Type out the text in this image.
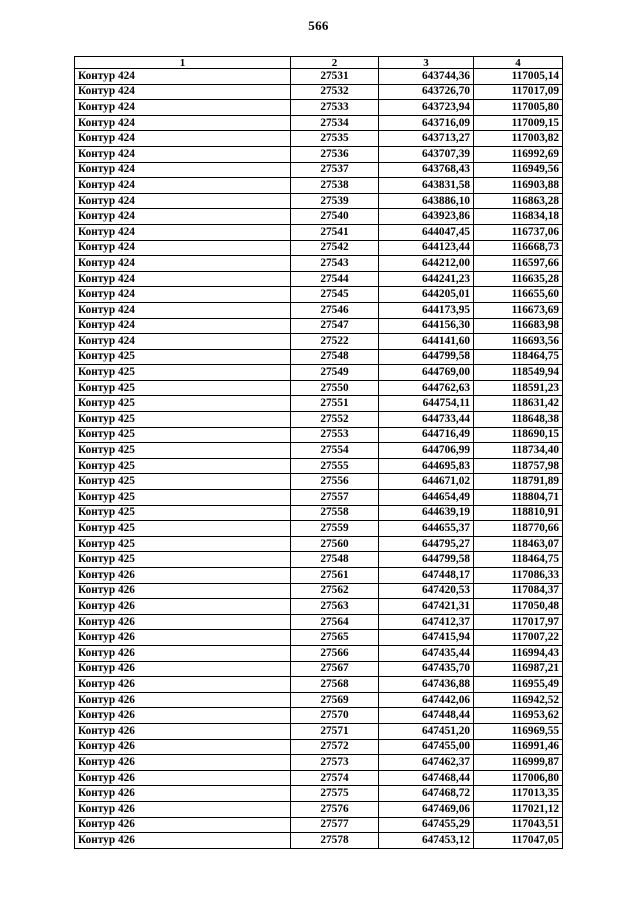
566
1	2	3	4
Контур 424	27531	643744,36	117005,14
Контур 424	27532	643726,70	117017,09
Контур 424	27533	643723,94	117005,80
Контур 424	27534	643716,09	117009,15
Контур 424	27535	643713,27	117003,82
Контур 424	27536	643707,39	116992,69
Контур 424	27537	643768,43	116949,56
Контур 424	27538	643831,58	116903,88
Контур 424	27539	643886,10	116863,28
Контур 424	27540	643923,86	116834,18
Контур 424	27541	644047,45	116737,06
Контур 424	27542	644123,44	116668,73
Контур 424	27543	644212,00	116597,66
Контур 424	27544	644241,23	116635,28
Контур 424	27545	644205,01	116655,60
Контур 424	27546	644173,95	116673,69
Контур 424	27547	644156,30	116683,98
Контур 424	27522	644141,60	116693,56
Контур 425	27548	644799,58	118464,75
Контур 425	27549	644769,00	118549,94
Контур 425	27550	644762,63	118591,23
Контур 425	27551	644754,11	118631,42
Контур 425	27552	644733,44	118648,38
Контур 425	27553	644716,49	118690,15
Контур 425	27554	644706,99	118734,40
Контур 425	27555	644695,83	118757,98
Контур 425	27556	644671,02	118791,89
Контур 425	27557	644654,49	118804,71
Контур 425	27558	644639,19	118810,91
Контур 425	27559	644655,37	118770,66
Контур 425	27560	644795,27	118463,07
Контур 425	27548	644799,58	118464,75
Контур 426	27561	647448,17	117086,33
Контур 426	27562	647420,53	117084,37
Контур 426	27563	647421,31	117050,48
Контур 426	27564	647412,37	117017,97
Контур 426	27565	647415,94	117007,22
Контур 426	27566	647435,44	116994,43
Контур 426	27567	647435,70	116987,21
Контур 426	27568	647436,88	116955,49
Контур 426	27569	647442,06	116942,52
Контур 426	27570	647448,44	116953,62
Контур 426	27571	647451,20	116969,55
Контур 426	27572	647455,00	116991,46
Контур 426	27573	647462,37	116999,87
Контур 426	27574	647468,44	117006,80
Контур 426	27575	647468,72	117013,35
Контур 426	27576	647469,06	117021,12
Контур 426	27577	647455,29	117043,51
Контур 426	27578	647453,12	117047,05
